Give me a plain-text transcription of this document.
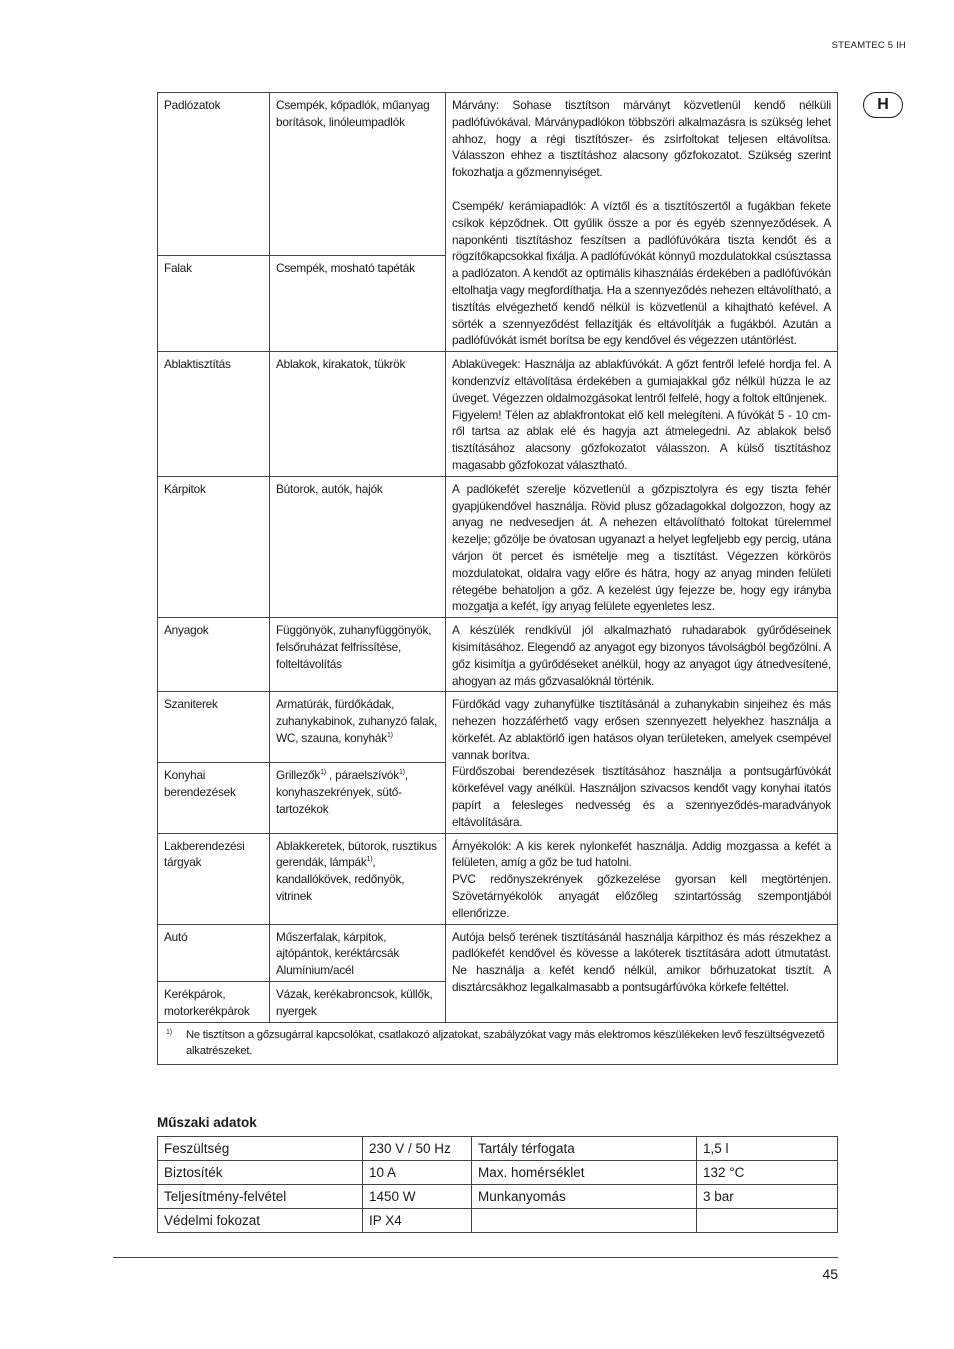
STEAMTEC 5 IH
H
Padlózatok	Csempék, kőpadlók, műanyag borítások, linóleumpadlók	Márvány: Sohase tisztítson márványt közvetlenül kendő nélküli padlófúvókával. Márványpadlókon többszöri alkalmazásra is szükség lehet ahhoz, hogy a régi tisztítószer- és zsírfoltokat teljesen eltávolítsa. Válasszon ehhez a tisztításhoz alacsony gőzfokozatot. Szükség szerint fokozhatja a gőzmennyiséget.
Csempék/ kerámiapadlók: A víztől és a tisztítószertől a fugákban fekete csíkok képződnek. Ott gyűlik össze a por és egyéb szennyeződések. A naponkénti tisztításhoz feszítsen a padlófúvókára tiszta kendőt és a rögzítőkapcsokkal fixálja. A padlófúvókát könnyű mozdulatokkal csúsztassa a padlózaton. A kendőt az optimális kihasználás érdekében a padlófúvókán eltolhatja vagy megfordíthatja. Ha a szennyeződés nehezen eltávolítható, a tisztítás elvégezhető kendő nélkül is közvetlenül a kihajtható kefével. A sörték a szennyeződést fellazítják és eltávolítják a fugákból. Azután a padlófúvókát ismét borítsa be egy kendővel és végezzen utántörlést.

Falak	Csempék, mosható tapéták	
Ablaktisztítás	Ablakok, kirakatok, tükrök	Ablaküvegek: Használja az ablakfúvókát. A gőzt fentről lefelé hordja fel. A kondenzvíz eltávolítása érdekében a gumiajakkal gőz nélkül húzza le az üveget. Végezzen oldalmozgásokat lentről felfelé, hogy a foltok eltűnjenek.
Figyelem! Télen az ablakfrontokat elő kell melegíteni. A fúvókát 5 - 10 cm-ről tartsa az ablak elé és hagyja azt átmelegedni. Az ablakok belső tisztításához alacsony gőzfokozatot válasszon. A külső tisztításhoz magasabb gőzfokozat választható.

Kárpitok	Bútorok, autók, hajók	A padlókefét szerelje közvetlenül a gőzpisztolyra és egy tiszta fehér gyapjúkendővel használja. Rövid plusz gőzadagokkal dolgozzon, hogy az anyag ne nedvesedjen át. A nehezen eltávolítható foltokat türelemmel kezelje; gőzölje be óvatosan ugyanazt a helyet legfeljebb egy percig, utána várjon öt percet és ismételje meg a tisztítást. Végezzen körkörös mozdulatokat, oldalra vagy előre és hátra, hogy az anyag minden felületi rétegébe behatoljon a gőz. A kezelést úgy fejezze be, hogy egy irányba mozgatja a kefét, így anyag felülete egyenletes lesz.
Anyagok	Függönyök, zuhanyfüggönyök, felsőruházat felfrissítése, folteltávolítás	A készülék rendkívül jól alkalmazható ruhadarabok gyűrődéseinek kisimításához. Elegendő az anyagot egy bizonyos távolságból begőzölni. A gőz kisimítja a gyűrődéseket anélkül, hogy az anyagot úgy átnedvesítené, ahogyan az más gőzvasalóknál történik.
Szaniterek	Armatúrák, fürdőkádak, zuhanykabinok, zuhanyzó falak, WC, szauna, konyhák$^{1)}$	Fürdőkád vagy zuhanyfülke tisztításánál a zuhanykabin sinjeihez és más nehezen hozzáférhető vagy erősen szennyezett helyekhez használja a körkefét. Az ablaktörlő igen hatásos olyan területeken, amelyek csempével vannak borítva.
Fürdőszobai berendezések tisztításához használja a pontsugárfúvókát körkefével vagy anélkül. Használjon szivacsos kendőt vagy konyhai itatós papírt a felesleges nedvesség és a szennyeződés-maradványok eltávolítására.

Konyhai berendezések	Grillezők$^{1)}$ , páraelszívók$^{1)}$, konyhaszekrények, sütő-tartozékok	
Lakberendezési tárgyak	Ablakkeretek, bútorok, rusztikus gerendák, lámpák$^{1)}$, kandallókövek, redőnyök, vitrinek	Árnyékolók: A kis kerek nylonkefét használja. Addig mozgassa a kefét a felületen, amíg a gőz be tud hatolni.
PVC redőnyszekrények gőzkezelése gyorsan kell megtörténjen. Szövetárnyékolók anyagát előzőleg szintartósság szempontjából ellenőrizze.

Autó	Műszerfalak, kárpitok, ajtópántok, keréktárcsák Alumínium/acél	Autója belső terének tisztításánál használja kárpithoz és más részekhez a padlókefét kendővel és kövesse a lakóterek tisztítására adott útmutatást. Ne használja a kefét kendő nélkül, amikor bőrhuzatokat tisztít. A disztárcsákhoz legalkalmasabb a pontsugárfúvóka körkefe feltéttel.
Kerékpárok, motorkerékpárok	Vázak, kerékabroncsok, küllők, nyergek	

1) Ne tisztítson a gőzsugárral kapcsolókat, csatlakozó aljzatokat, szabályzókat vagy más elektromos készülékeken levő feszültségvezető alkatrészeket.		
Műszaki adatok
Feszültség	230 V / 50 Hz	Tartály térfogata	1,5 l
Biztosíték	10 A	Max. homérséklet	132 °C
Teljesítmény-felvétel	1450 W	Munkanyomás	3 bar
Védelmi fokozat	IP X4		
45
